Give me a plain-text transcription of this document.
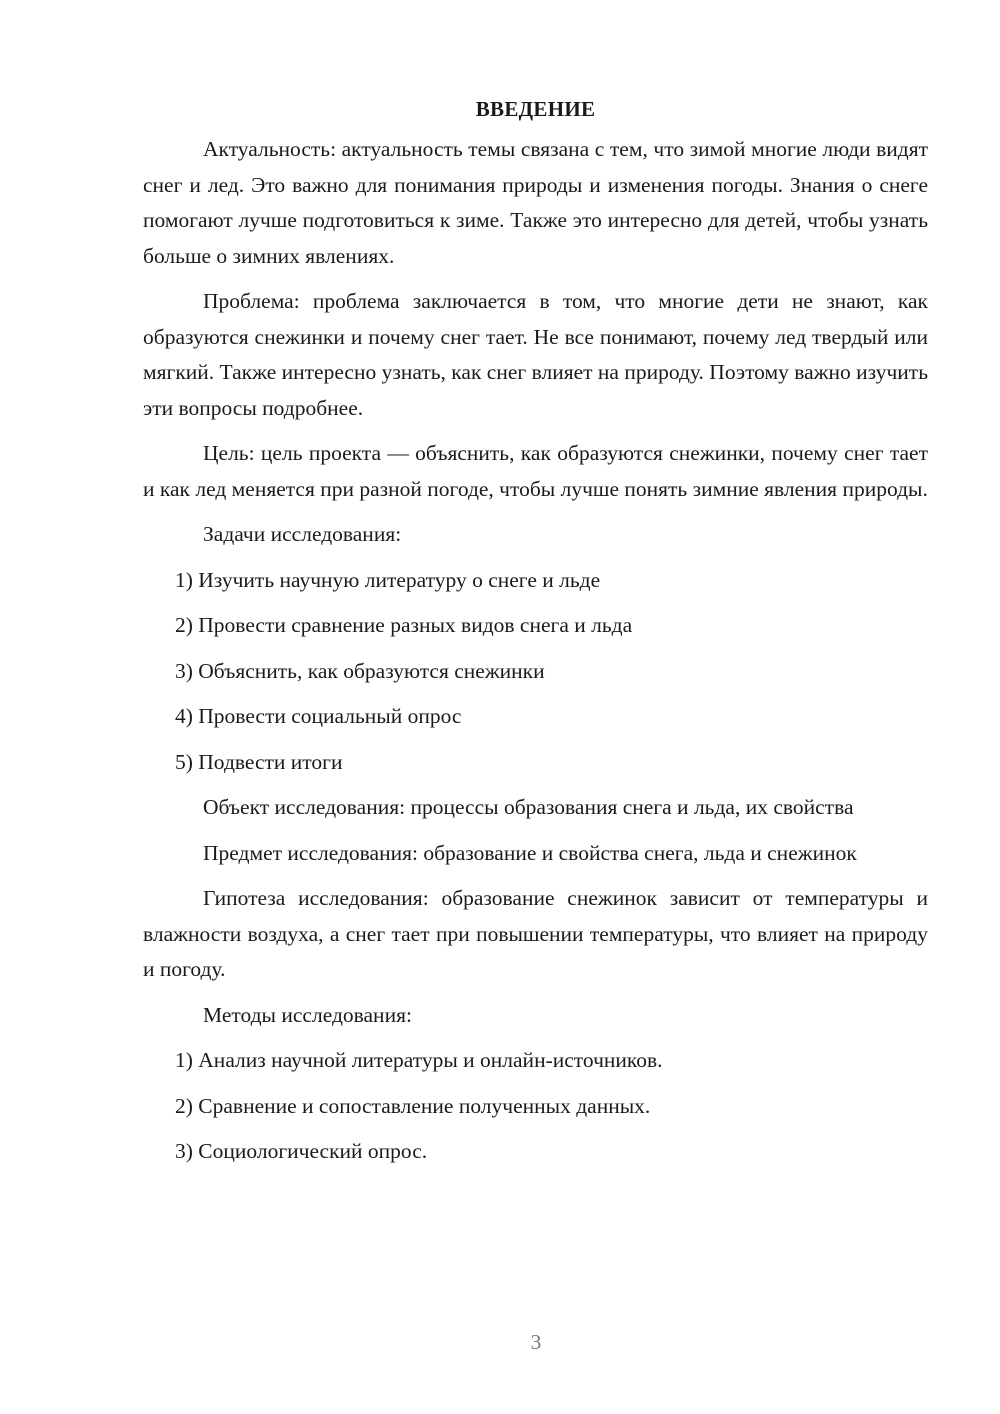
ВВЕДЕНИЕ

Актуальность: актуальность темы связана с тем, что зимой многие люди видят снег и лед. Это важно для понимания природы и изменения погоды. Знания о снеге помогают лучше подготовиться к зиме. Также это интересно для детей, чтобы узнать больше о зимних явлениях.

Проблема: проблема заключается в том, что многие дети не знают, как образуются снежинки и почему снег тает. Не все понимают, почему лед твердый или мягкий. Также интересно узнать, как снег влияет на природу. Поэтому важно изучить эти вопросы подробнее.

Цель: цель проекта — объяснить, как образуются снежинки, почему снег тает и как лед меняется при разной погоде, чтобы лучше понять зимние явления природы.

Задачи исследования:

1) Изучить научную литературу о снеге и льде
2) Провести сравнение разных видов снега и льда
3) Объяснить, как образуются снежинки
4) Провести социальный опрос
5) Подвести итоги

Объект исследования: процессы образования снега и льда, их свойства

Предмет исследования: образование и свойства снега, льда и снежинок

Гипотеза исследования: образование снежинок зависит от температуры и влажности воздуха, а снег тает при повышении температуры, что влияет на природу и погоду.

Методы исследования:

1) Анализ научной литературы и онлайн-источников.
2) Сравнение и сопоставление полученных данных.
3) Социологический опрос.
3
